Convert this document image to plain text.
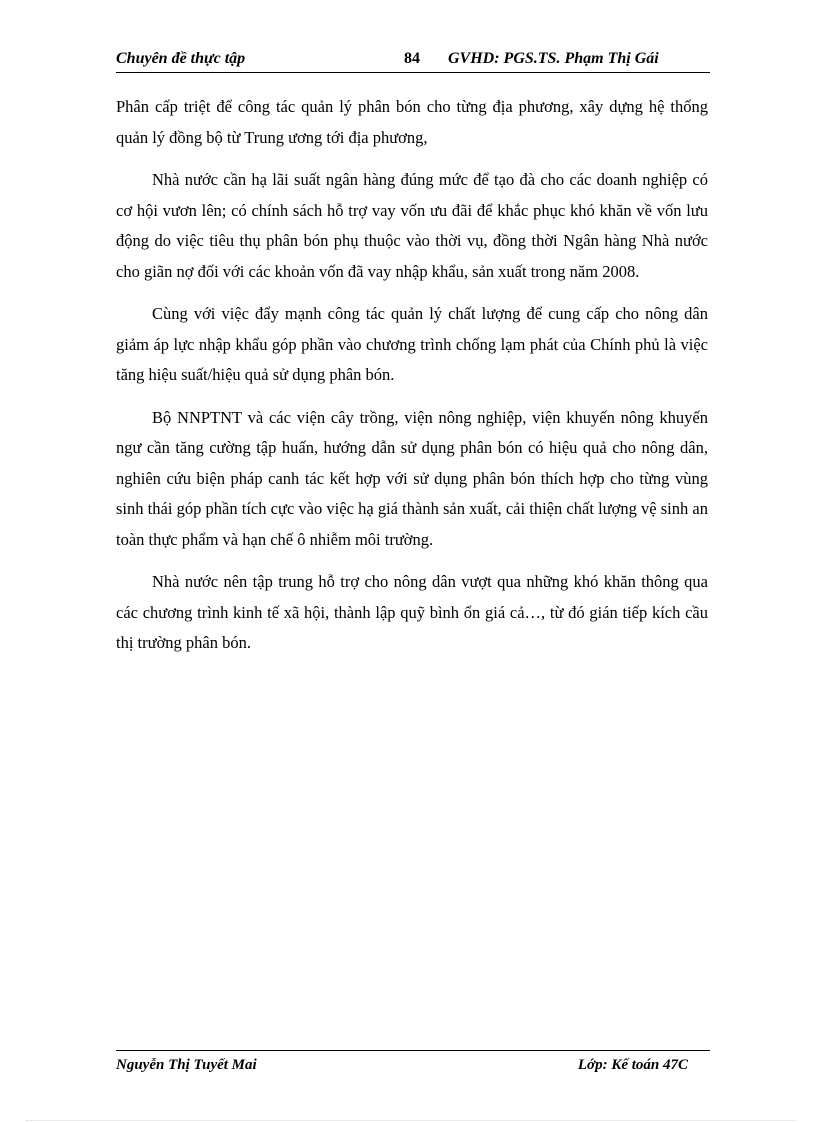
Chuyên đề thực tập	84 GVHD: PGS.TS. Phạm Thị Gái

Phân cấp triệt để công tác quản lý phân bón cho từng địa phương, xây dựng hệ thống quản lý đồng bộ từ Trung ương tới địa phương,

Nhà nước cần hạ lãi suất ngân hàng đúng mức để tạo đà cho các doanh nghiệp có cơ hội vươn lên; có chính sách hỗ trợ vay vốn ưu đãi để khắc phục khó khăn về vốn lưu động do việc tiêu thụ phân bón phụ thuộc vào thời vụ, đồng thời Ngân hàng Nhà nước cho giãn nợ đối với các khoản vốn đã vay nhập khẩu, sản xuất trong năm 2008.

Cùng với việc đẩy mạnh công tác quản lý chất lượng để cung cấp cho nông dân giảm áp lực nhập khẩu góp phần vào chương trình chống lạm phát của Chính phủ là việc tăng hiệu suất/hiệu quả sử dụng phân bón.

Bộ NNPTNT và các viện cây trồng, viện nông nghiệp, viện khuyến nông khuyến ngư cần tăng cường tập huấn, hướng dẫn sử dụng phân bón có hiệu quả cho nông dân, nghiên cứu biện pháp canh tác kết hợp với sử dụng phân bón thích hợp cho từng vùng sinh thái góp phần tích cực vào việc hạ giá thành sản xuất, cải thiện chất lượng vệ sinh an toàn thực phẩm và hạn chế ô nhiễm môi trường.

Nhà nước nên tập trung hỗ trợ cho nông dân vượt qua những khó khăn thông qua các chương trình kinh tế xã hội, thành lập quỹ bình ổn giá cả…, từ đó gián tiếp kích cầu thị trường phân bón.

Nguyễn Thị Tuyết Mai	Lớp: Kế toán 47C
